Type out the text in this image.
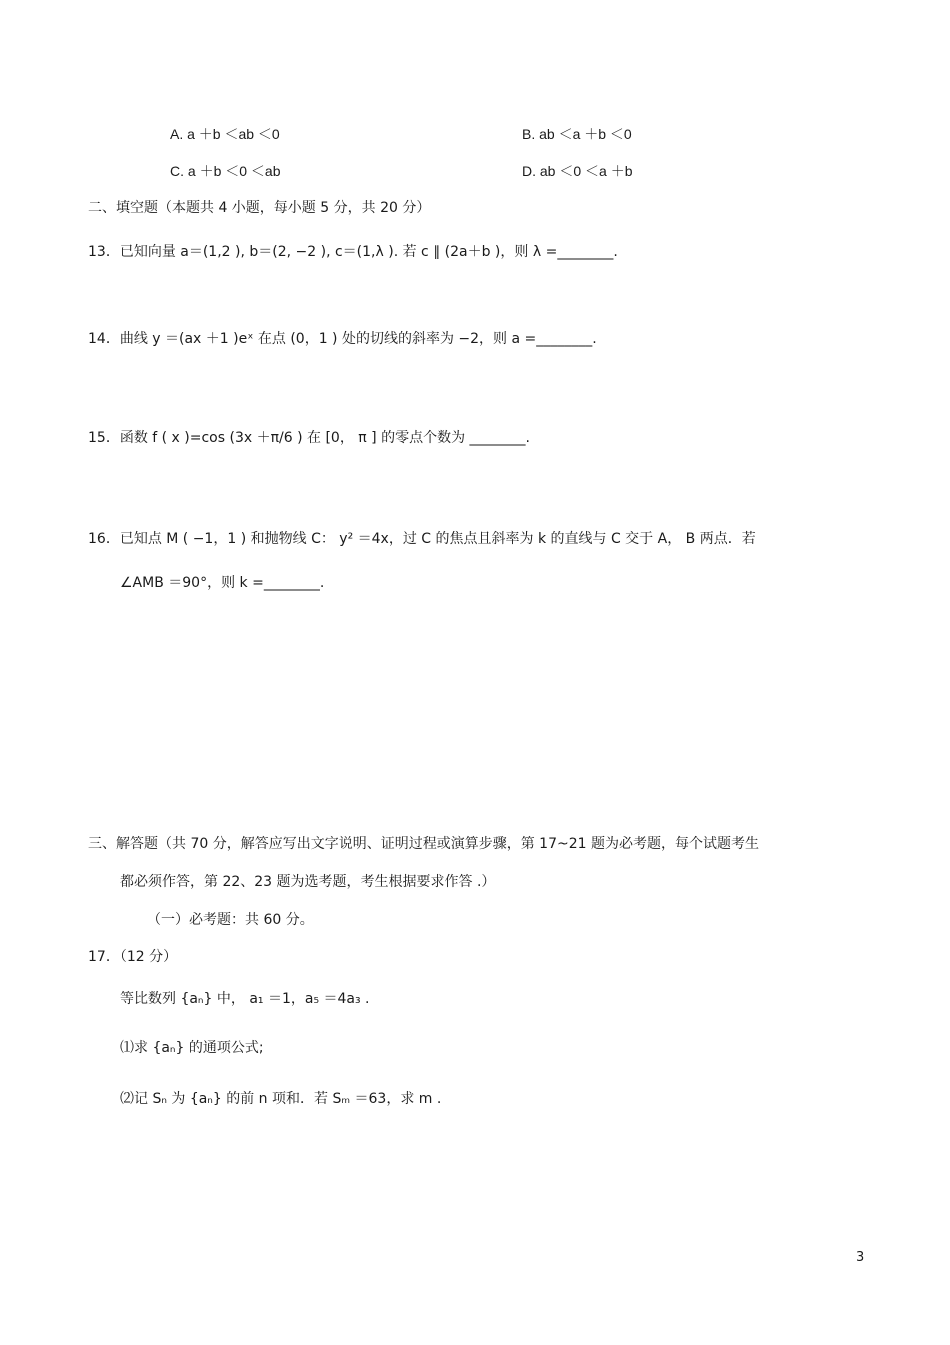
A. a ＋b ＜ab ＜0	B. ab ＜a ＋b ＜0
C. a ＋b ＜0 ＜ab	D. ab ＜0 ＜a ＋b
二、填空题（本题共 4 小题，每小题 5 分，共 20 分）
13．已知向量 a＝(1,2 ), b＝(2, −2 ), c＝(1,λ ). 若 c ∥ (2a＋b )，则 λ =________.
14．曲线 y ＝(ax ＋1 )eˣ 在点 (0，1 ) 处的切线的斜率为 −2，则 a =________.
15．函数 f ( x )=cos (3x ＋π/6 ) 在 [0， π ] 的零点个数为 ________.
16．已知点 M ( −1，1 ) 和抛物线 C： y² ＝4x，过 C 的焦点且斜率为 k 的直线与 C 交于 A， B 两点．若
∠AMB ＝90°，则 k =________.
三、解答题（共 70 分，解答应写出文字说明、证明过程或演算步骤，第 17~21 题为必考题，每个试题考生
都必须作答，第 22、23 题为选考题，考生根据要求作答 .）
（一）必考题：共 60 分。
17．（12 分）
等比数列 {aₙ} 中， a₁ ＝1，a₅ ＝4a₃ .
⑴求 {aₙ} 的通项公式;
⑵记 Sₙ 为 {aₙ} 的前 n 项和．若 Sₘ ＝63，求 m .
3
